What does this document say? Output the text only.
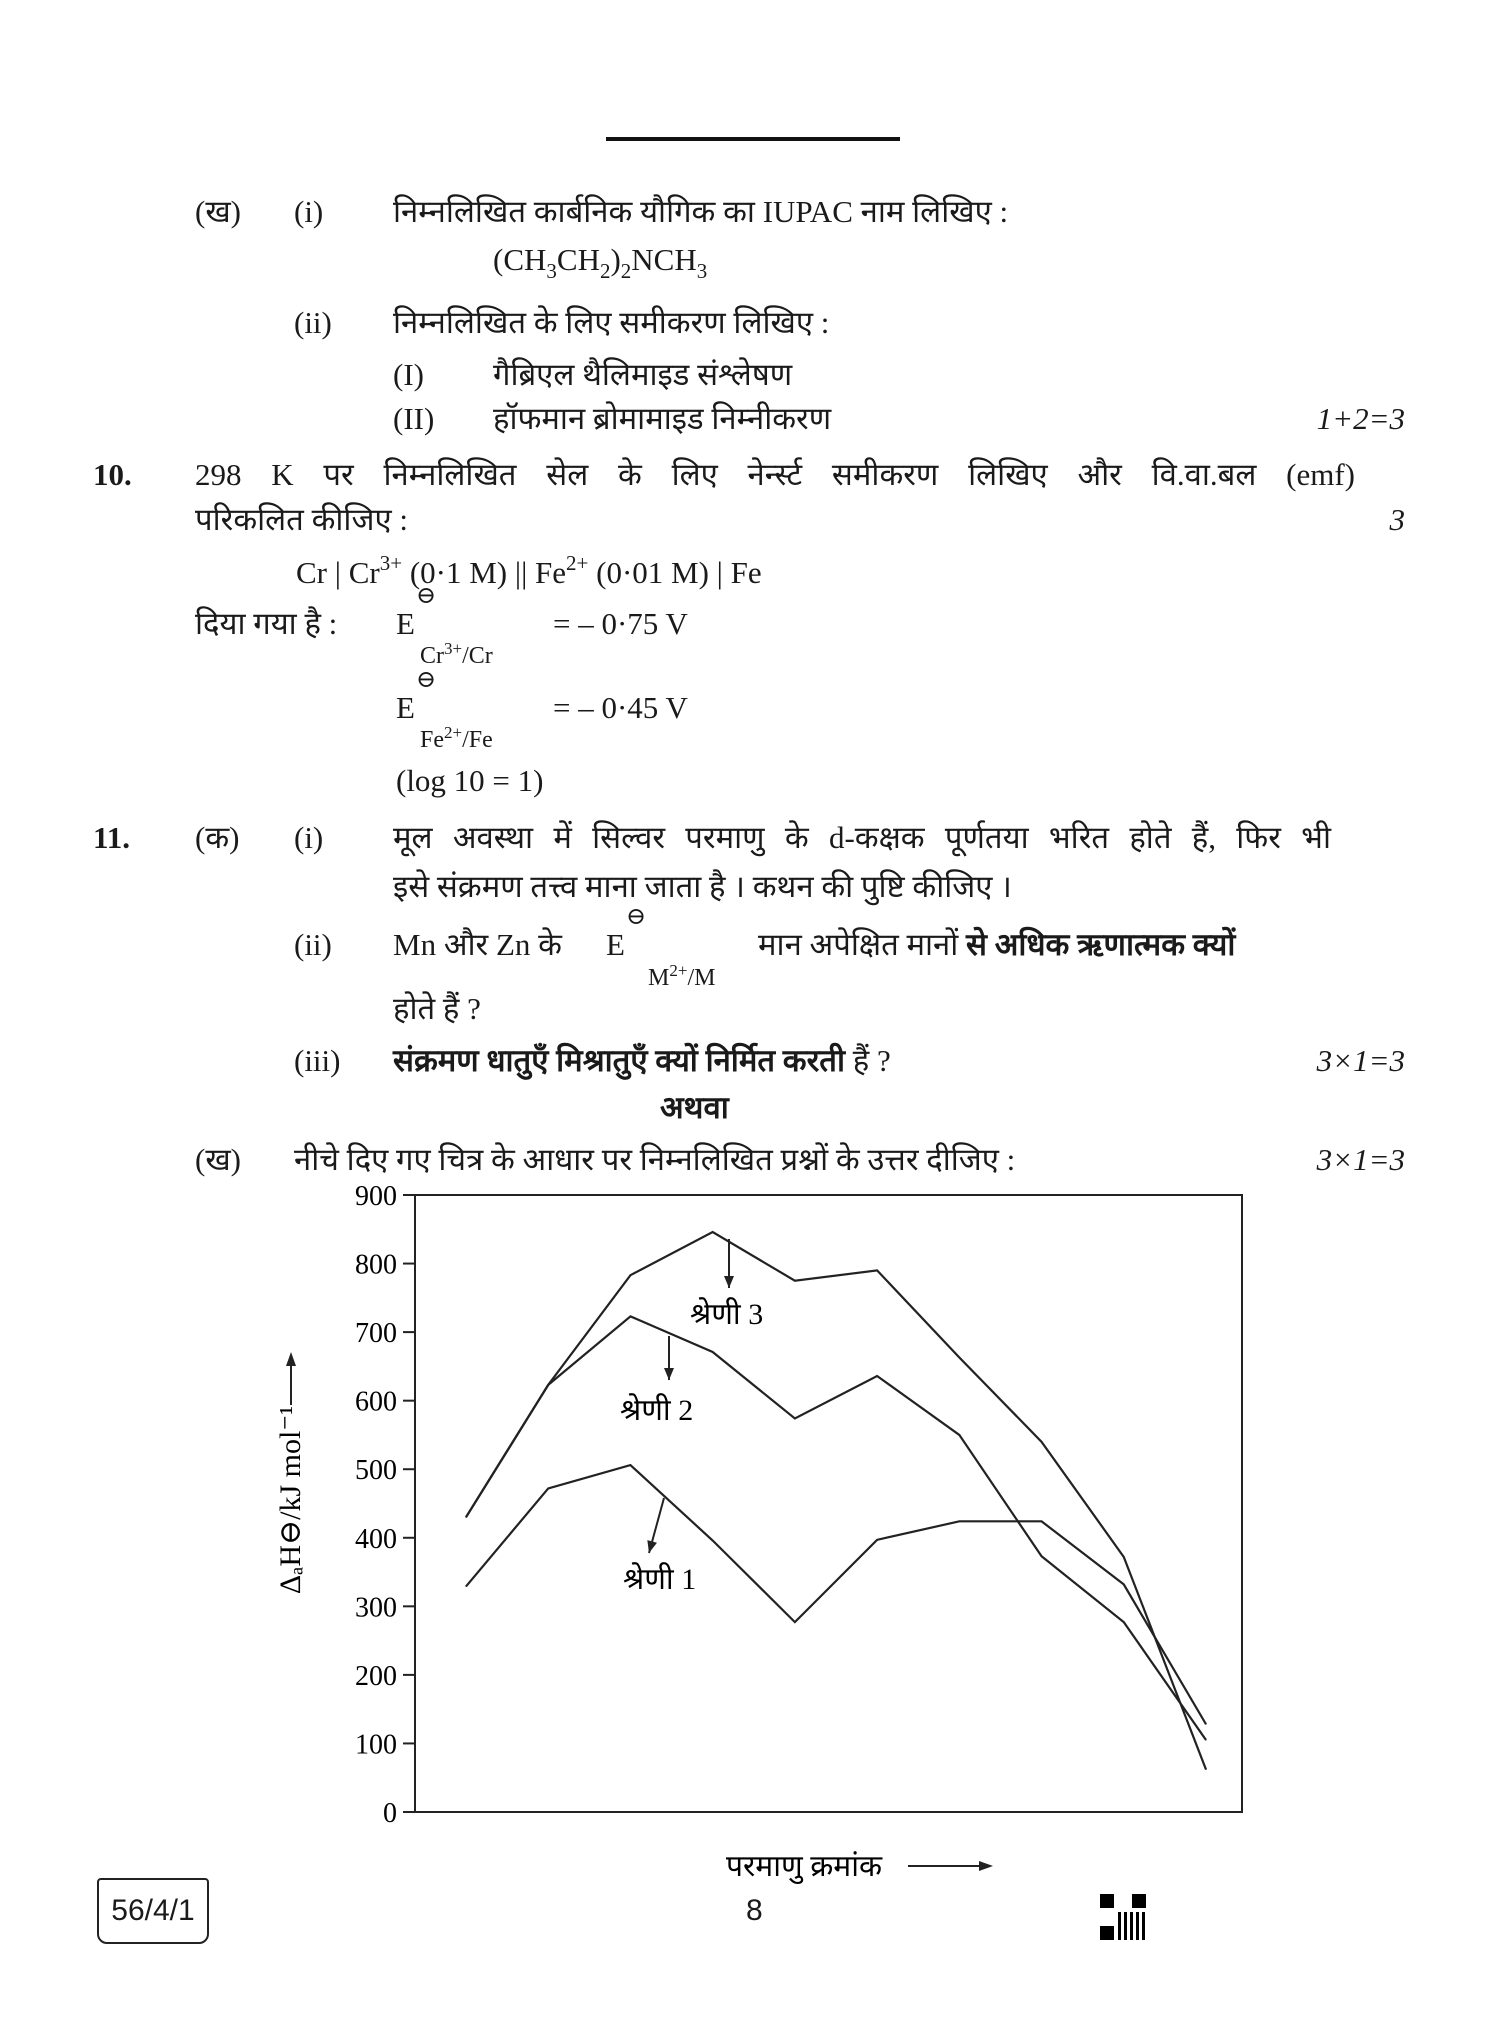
(ख) (i) निम्नलिखित कार्बनिक यौगिक का IUPAC नाम लिखिए :
$(CH_3CH_2)_2NCH_3$
(ii) निम्नलिखित के लिए समीकरण लिखिए :
(I) गैब्रिएल थैलिमाइड संश्लेषण
(II) हॉफमान ब्रोमामाइड निम्नीकरण	1+2=3
10. 298 K पर निम्नलिखित सेल के लिए नेर्न्स्ट समीकरण लिखिए और वि.वा.बल (emf)
परिकलित कीजिए :	3
Cr | $Cr^{3+}$ (0·1 M) || $Fe^{2+}$ (0·01 M) | Fe
दिया गया है : E
⊖
$Cr^{3+}/Cr$
= – 0·75 V
E
⊖
$Fe^{2+}/Fe$
= – 0·45 V
(log 10 = 1)
11. (क) (i) मूल अवस्था में सिल्वर परमाणु के d-कक्षक पूर्णतया भरित होते हैं, फिर भी
इसे संक्रमण तत्त्व माना जाता है । कथन की पुष्टि कीजिए ।
(ii) Mn और Zn के E
⊖
$M^{2+}/M$
मान अपेक्षित मानों से अधिक ऋणात्मक क्यों
होते हैं ?
(iii) संक्रमण धातुएँ मिश्रातुएँ क्यों निर्मित करती हैं ?	3×1=3
अथवा
(ख) नीचे दिए गए चित्र के आधार पर निम्नलिखित प्रश्नों के उत्तर दीजिए :	3×1=3
0
100
200
300
400
500
600
700
800
900
श्रेणी 1
श्रेणी 2
श्रेणी 3
ΔₐH⊖/kJ mol⁻¹
परमाणु क्रमांक
56/4/1	8
